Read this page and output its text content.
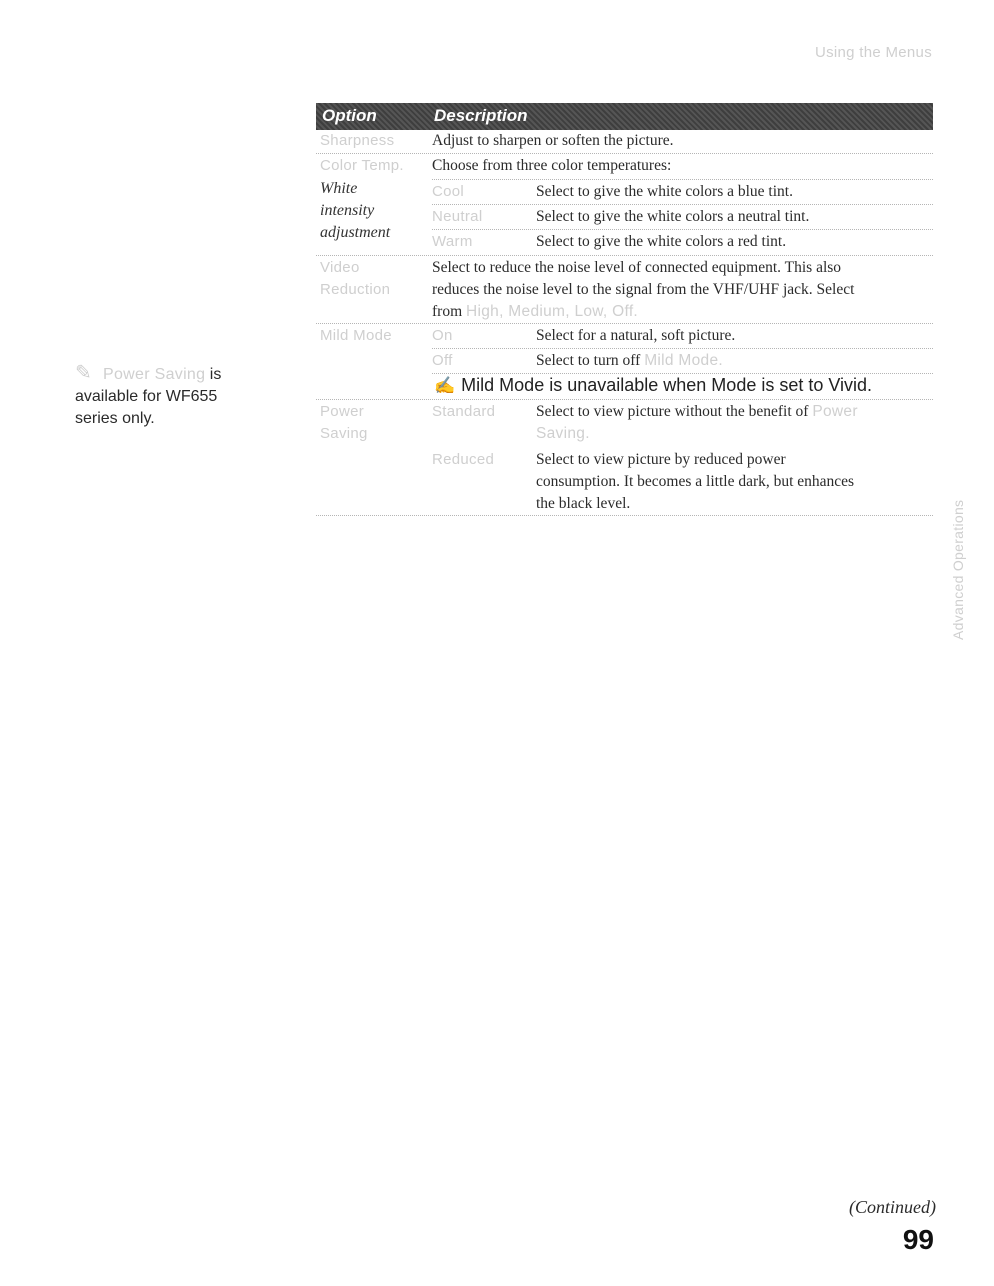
Using the Menus
Advanced Operations
✎ Power Saving is
available for WF655
series only.
Option	Description
Sharpness Adjust to sharpen or soften the picture.
Color Temp. Choose from three color temperatures:
White
intensity
adjustment
Cool	Select to give the white colors a blue tint.
Neutral	Select to give the white colors a neutral tint.
Warm	Select to give the white colors a red tint.
Video
Reduction
Select to reduce the noise level of connected equipment. This also
reduces the noise level to the signal from the VHF/UHF jack. Select
from High, Medium, Low, Off.
Mild Mode	On	Select for a natural, soft picture.
Off	Select to turn off Mild Mode.
✍ Mild Mode is unavailable when Mode is set to Vivid.
Power
Saving
Standard	Select to view picture without the benefit of Power
Saving.
Reduced	Select to view picture by reduced power
consumption. It becomes a little dark, but enhances
the black level.
(Continued)
99
